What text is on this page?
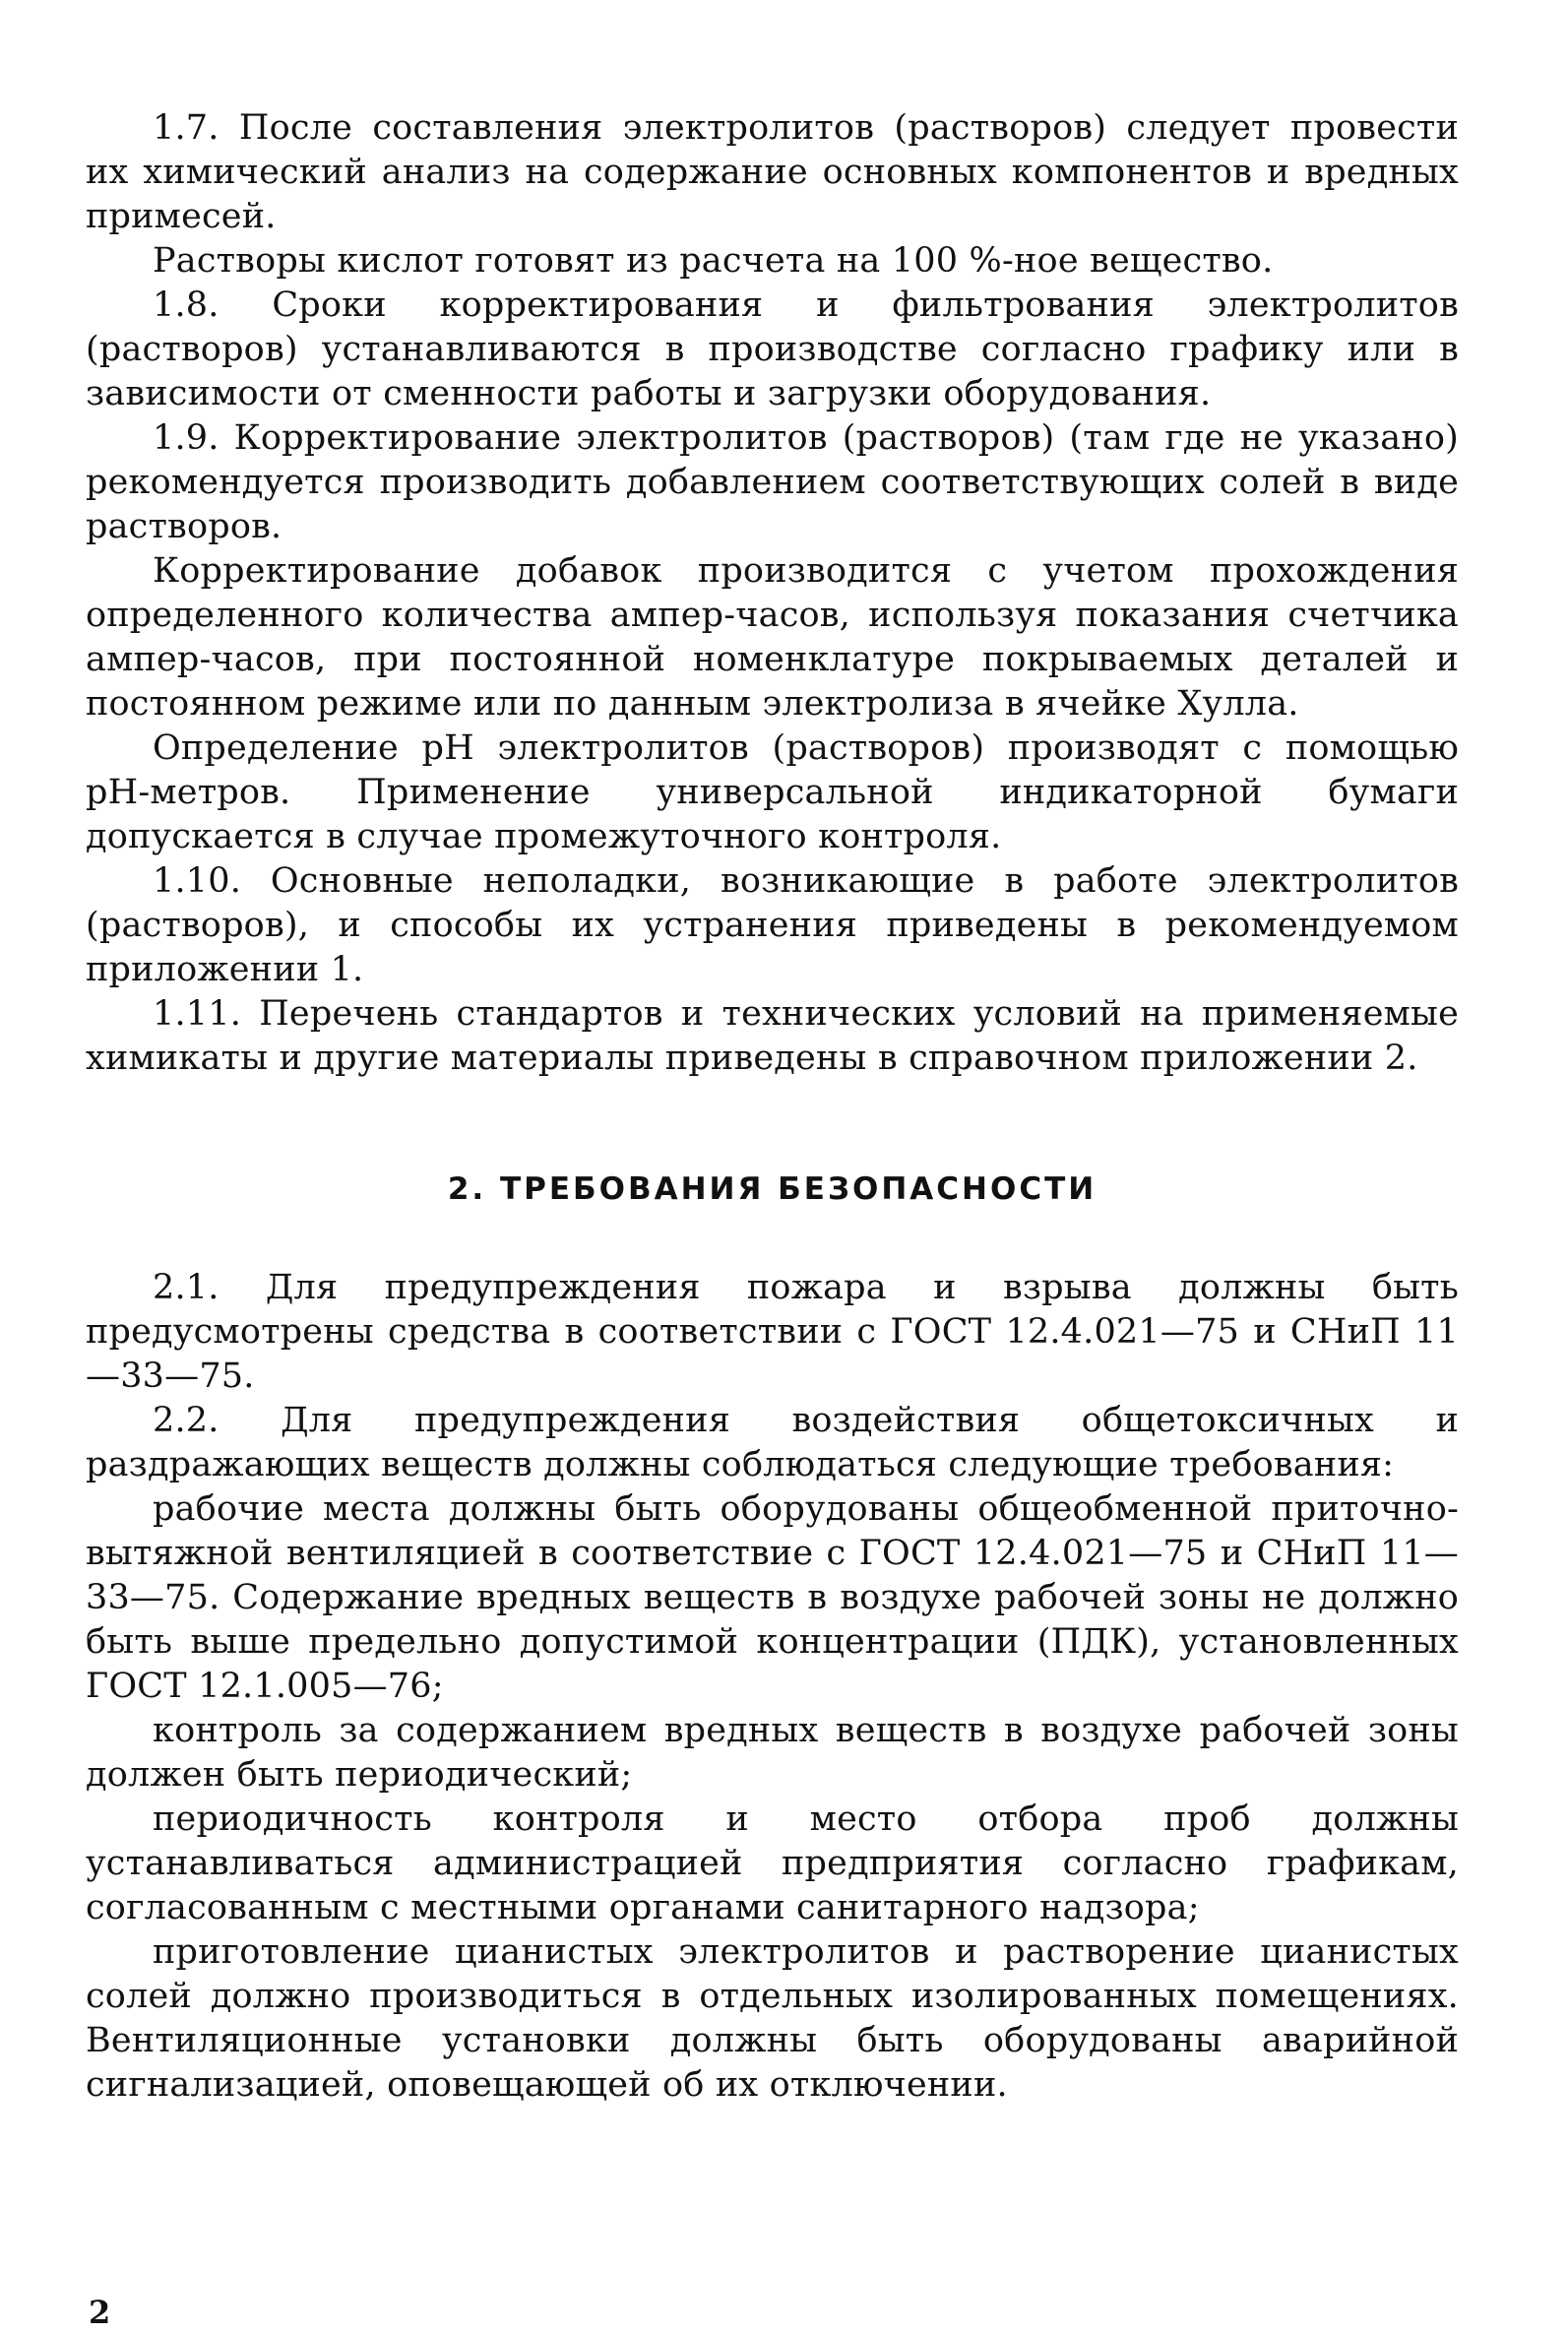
1.7. После составления электролитов (растворов) следует провести их химический анализ на содержание основных компонентов и вредных примесей.

Растворы кислот готовят из расчета на 100 %-ное вещество.

1.8. Сроки корректирования и фильтрования электролитов (растворов) устанавливаются в производстве согласно графику или в зависимости от сменности работы и загрузки оборудования.

1.9. Корректирование электролитов (растворов) (там где не указано) рекомендуется производить добавлением соответствующих солей в виде растворов.

Корректирование добавок производится с учетом прохождения определенного количества ампер-часов, используя показания счетчика ампер-часов, при постоянной номенклатуре покрываемых деталей и постоянном режиме или по данным электролиза в ячейке Хулла.

Определение pH электролитов (растворов) производят с помощью pH-метров. Применение универсальной индикаторной бумаги допускается в случае промежуточного контроля.

1.10. Основные неполадки, возникающие в работе электролитов (растворов), и способы их устранения приведены в рекомендуемом приложении 1.

1.11. Перечень стандартов и технических условий на применяемые химикаты и другие материалы приведены в справочном приложении 2.

2. ТРЕБОВАНИЯ БЕЗОПАСНОСТИ

2.1. Для предупреждения пожара и взрыва должны быть предусмотрены средства в соответствии с ГОСТ 12.4.021—75 и СНиП 11—33—75.

2.2. Для предупреждения воздействия общетоксичных и раздражающих веществ должны соблюдаться следующие требования:

рабочие места должны быть оборудованы общеобменной приточно-вытяжной вентиляцией в соответствие с ГОСТ 12.4.021—75 и СНиП 11—33—75. Содержание вредных веществ в воздухе рабочей зоны не должно быть выше предельно допустимой концентрации (ПДК), установленных ГОСТ 12.1.005—76;

контроль за содержанием вредных веществ в воздухе рабочей зоны должен быть периодический;

периодичность контроля и место отбора проб должны устанавливаться администрацией предприятия согласно графикам, согласованным с местными органами санитарного надзора;

приготовление цианистых электролитов и растворение цианистых солей должно производиться в отдельных изолированных помещениях. Вентиляционные установки должны быть оборудованы аварийной сигнализацией, оповещающей об их отключении.

2
